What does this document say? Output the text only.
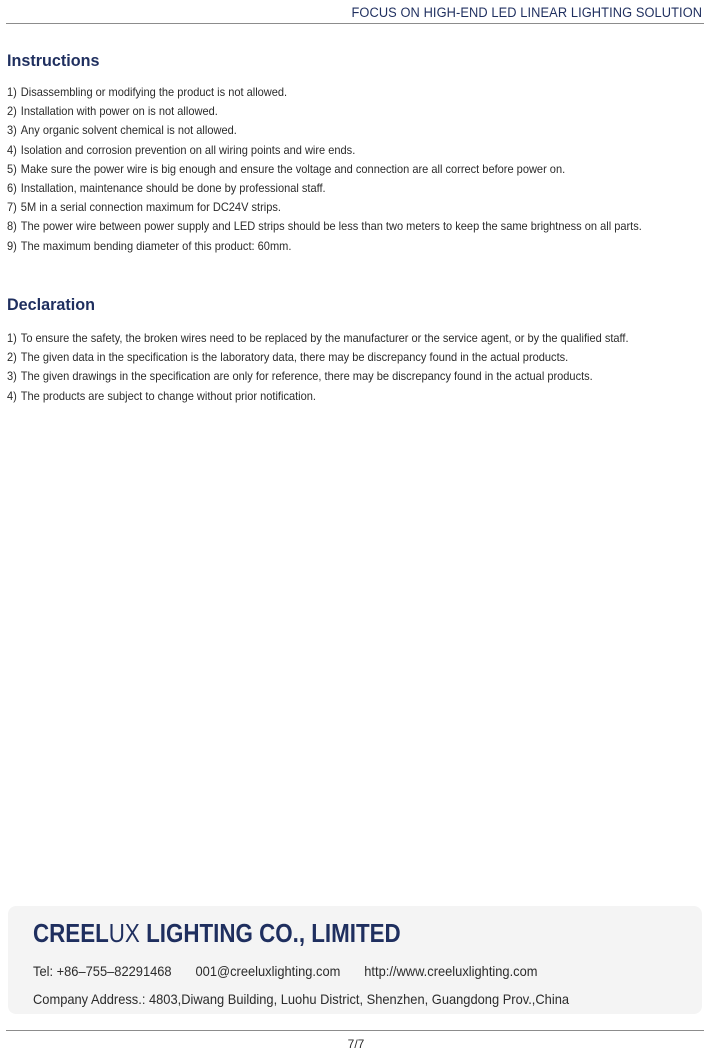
FOCUS ON HIGH-END LED LINEAR LIGHTING SOLUTION
Instructions
1) Disassembling or modifying the product is not allowed.
2) Installation with power on is not allowed.
3) Any organic solvent chemical is not allowed.
4) Isolation and corrosion prevention on all wiring points and wire ends.
5) Make sure the power wire is big enough and ensure the voltage and connection are all correct before power on.
6) Installation, maintenance should be done by professional staff.
7) 5M in a serial connection maximum for DC24V strips.
8) The power wire between power supply and LED strips should be less than two meters to keep the same brightness on all parts.
9) The maximum bending diameter of this product: 60mm.
Declaration
1) To ensure the safety, the broken wires need to be replaced by the manufacturer or the service agent, or by the qualified staff.
2) The given data in the specification is the laboratory data, there may be discrepancy found in the actual products.
3) The given drawings in the specification are only for reference, there may be discrepancy found in the actual products.
4) The products are subject to change without prior notification.
CREELUX LIGHTING CO., LIMITED
Tel: +86–755–82291468 001@creeluxlighting.com http://www.creeluxlighting.com
Company Address.: 4803,Diwang Building, Luohu District, Shenzhen, Guangdong Prov.,China
7/7
